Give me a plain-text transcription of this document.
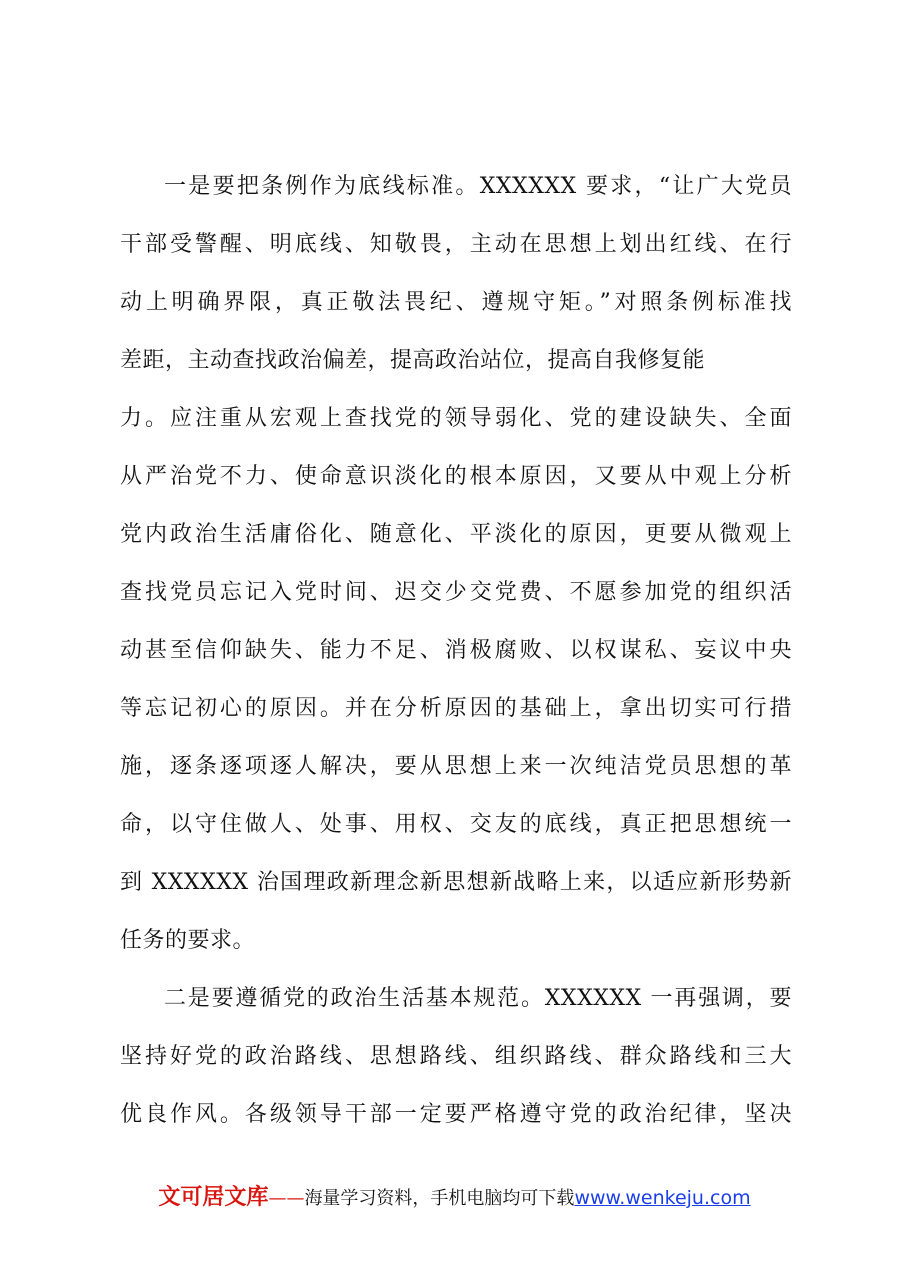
一是要把条例作为底线标准。XXXXXX 要求，“让广大党员
干部受警醒、明底线、知敬畏，主动在思想上划出红线、在行
动上明确界限，真正敬法畏纪、遵规守矩。”对照条例标准找
差距，主动查找政治偏差，提高政治站位，提高自我修复能
力。应注重从宏观上查找党的领导弱化、党的建设缺失、全面
从严治党不力、使命意识淡化的根本原因，又要从中观上分析
党内政治生活庸俗化、随意化、平淡化的原因，更要从微观上
查找党员忘记入党时间、迟交少交党费、不愿参加党的组织活
动甚至信仰缺失、能力不足、消极腐败、以权谋私、妄议中央
等忘记初心的原因。并在分析原因的基础上，拿出切实可行措
施，逐条逐项逐人解决，要从思想上来一次纯洁党员思想的革
命，以守住做人、处事、用权、交友的底线，真正把思想统一
到 XXXXXX 治国理政新理念新思想新战略上来，以适应新形势新
任务的要求。
二是要遵循党的政治生活基本规范。XXXXXX 一再强调，要
坚持好党的政治路线、思想路线、组织路线、群众路线和三大
优良作风。各级领导干部一定要严格遵守党的政治纪律，坚决
文可居文库——海量学习资料，手机电脑均可下载www.wenkeju.com
